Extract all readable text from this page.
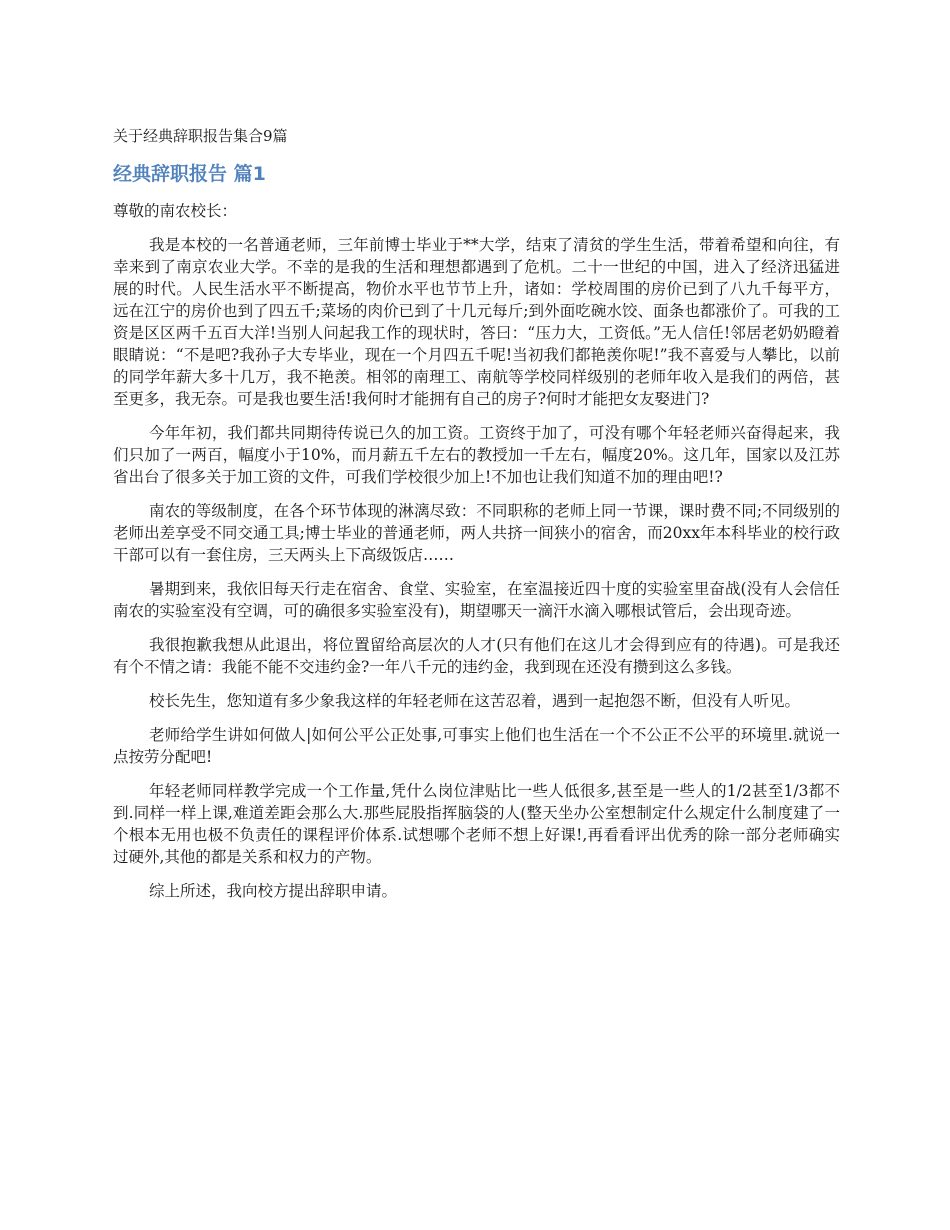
关于经典辞职报告集合9篇
经典辞职报告 篇1
尊敬的南农校长：

我是本校的一名普通老师，三年前博士毕业于**大学，结束了清贫的学生生活，带着希望和向往，有幸来到了南京农业大学。不幸的是我的生活和理想都遇到了危机。二十一世纪的中国，进入了经济迅猛进展的时代。人民生活水平不断提高，物价水平也节节上升，诸如：学校周围的房价已到了八九千每平方，远在江宁的房价也到了四五千;菜场的肉价已到了十几元每斤;到外面吃碗水饺、面条也都涨价了。可我的工资是区区两千五百大洋!当别人问起我工作的现状时，答曰：“压力大，工资低。”无人信任!邻居老奶奶瞪着眼睛说：“不是吧?我孙子大专毕业，现在一个月四五千呢!当初我们都艳羡你呢!”我不喜爱与人攀比，以前的同学年薪大多十几万，我不艳羡。相邻的南理工、南航等学校同样级别的老师年收入是我们的两倍，甚至更多，我无奈。可是我也要生活!我何时才能拥有自己的房子?何时才能把女友娶进门?

今年年初，我们都共同期待传说已久的加工资。工资终于加了，可没有哪个年轻老师兴奋得起来，我们只加了一两百，幅度小于10%，而月薪五千左右的教授加一千左右，幅度20%。这几年，国家以及江苏省出台了很多关于加工资的文件，可我们学校很少加上!不加也让我们知道不加的理由吧!?

南农的等级制度，在各个环节体现的淋漓尽致：不同职称的老师上同一节课，课时费不同;不同级别的老师出差享受不同交通工具;博士毕业的普通老师，两人共挤一间狭小的宿舍，而20xx年本科毕业的校行政干部可以有一套住房，三天两头上下高级饭店……

暑期到来，我依旧每天行走在宿舍、食堂、实验室，在室温接近四十度的实验室里奋战(没有人会信任南农的实验室没有空调，可的确很多实验室没有)，期望哪天一滴汗水滴入哪根试管后，会出现奇迹。

我很抱歉我想从此退出，将位置留给高层次的人才(只有他们在这儿才会得到应有的待遇)。可是我还有个不情之请：我能不能不交违约金?一年八千元的违约金，我到现在还没有攒到这么多钱。

校长先生，您知道有多少象我这样的年轻老师在这苦忍着，遇到一起抱怨不断，但没有人听见。

老师给学生讲如何做人|如何公平公正处事,可事实上他们也生活在一个不公正不公平的环境里.就说一点按劳分配吧!

年轻老师同样教学完成一个工作量,凭什么岗位津贴比一些人低很多,甚至是一些人的1/2甚至1/3都不到.同样一样上课,难道差距会那么大.那些屁股指挥脑袋的人(整天坐办公室想制定什么规定什么制度建了一个根本无用也极不负责任的课程评价体系.试想哪个老师不想上好课!,再看看评出优秀的除一部分老师确实过硬外,其他的都是关系和权力的产物。

综上所述，我向校方提出辞职申请。
